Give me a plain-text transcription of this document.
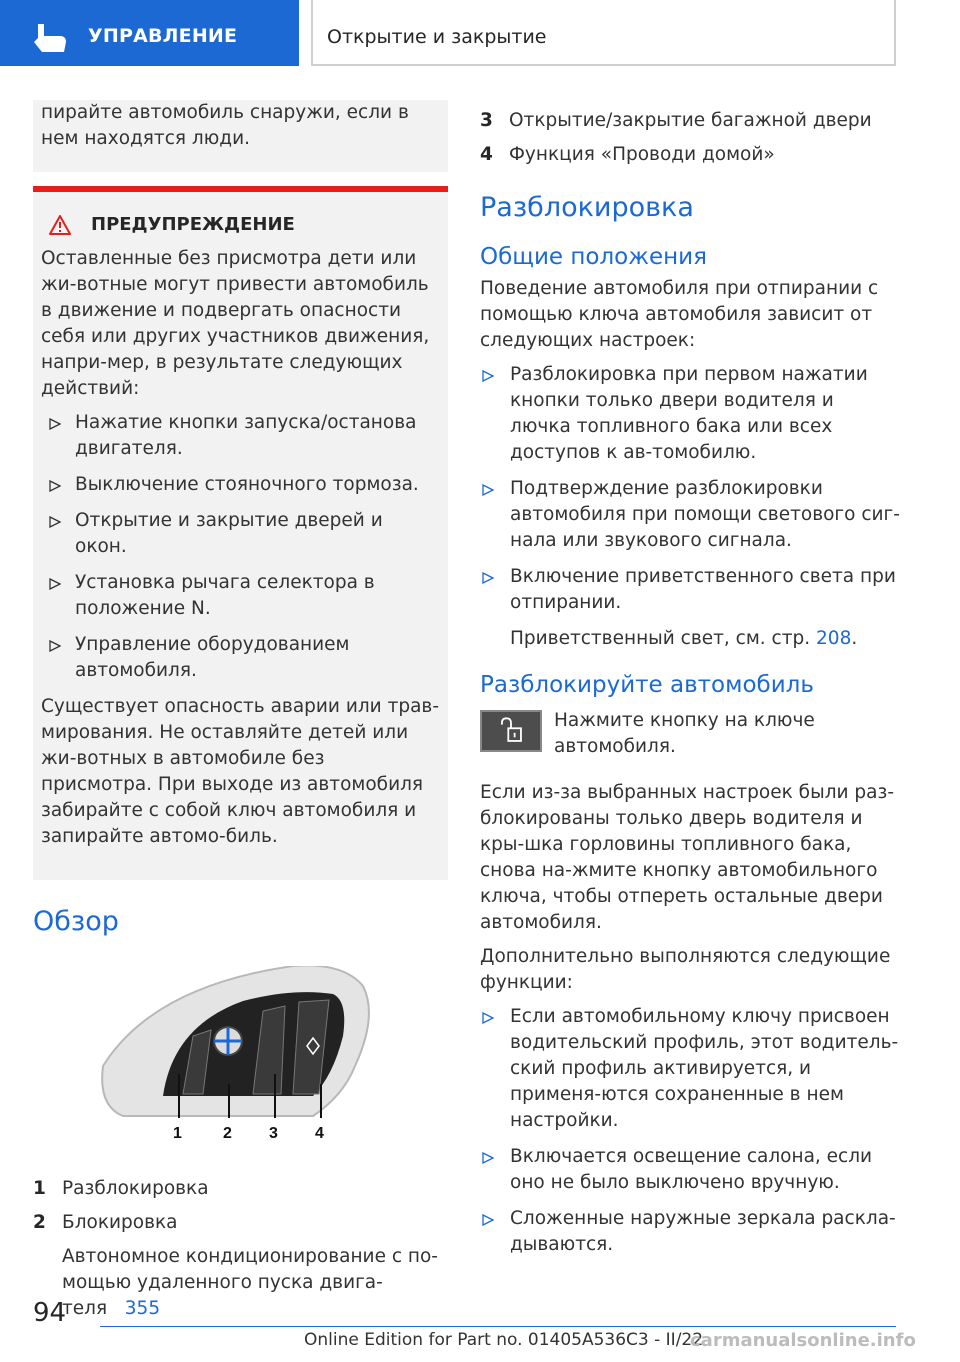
УПРАВЛЕНИЕ	Открытие и закрытие

пирайте автомобиль снаружи, если в нем находятся люди.

ПРЕДУПРЕЖДЕНИЕ

Оставленные без присмотра дети или жи-вотные могут привести автомобиль в движение и подвергать опасности себя или других участников движения, напри-мер, в результате следующих действий:

Нажатие кнопки запуска/останова двигателя.
Выключение стояночного тормоза.
Открытие и закрытие дверей и окон.
Установка рычага селектора в положение N.
Управление оборудованием автомобиля.

Существует опасность аварии или трав-мирования. Не оставляйте детей или жи-вотных в автомобиле без присмотра. При выходе из автомобиля забирайте с собой ключ автомобиля и запирайте автомо-биль.

Обзор
1	2 3 4
1 Разблокировка
2 Блокировка
Автономное кондиционирование с по-мощью удаленного пуска двига-теля 355
3 Открытие/закрытие багажной двери
4 Функция «Проводи домой»
Разблокировка
Общие положения

Поведение автомобиля при отпирании с помощью ключа автомобиля зависит от следующих настроек:

Разблокировка при первом нажатии кнопки только двери водителя и лючка топливного бака или всех доступов к ав-томобилю.
Подтверждение разблокировки автомобиля при помощи светового сиг-нала или звукового сигнала.
Включение приветственного света при отпирании.
Приветственный свет, см. стр. 208.
Разблокируйте автомобиль
Нажмите кнопку на ключе автомобиля.

Если из-за выбранных настроек были раз-блокированы только дверь водителя и кры-шка горловины топливного бака, снова на-жмите кнопку автомобильного ключа, чтобы отпереть остальные двери автомобиля.

Дополнительно выполняются следующие функции:

Если автомобильному ключу присвоен водительский профиль, этот водитель-ский профиль активируется, и применя-ются сохраненные в нем настройки.
Включается освещение салона, если оно не было выключено вручную.
Сложенные наружные зеркала раскла-дываются.
94
Online Edition for Part no. 01405A536C3 - II/22
carmanualsonline.info
